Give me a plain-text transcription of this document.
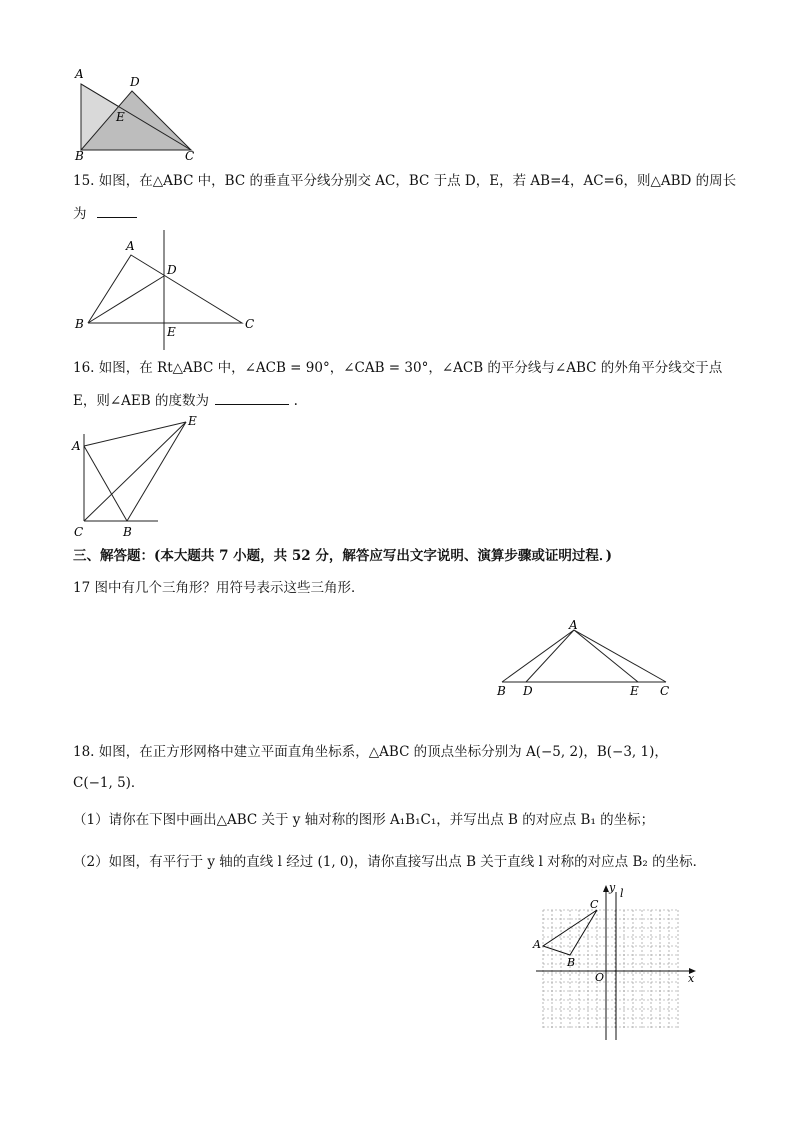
A
D
E
B	C
15. 如图，在△ABC 中，BC 的垂直平分线分别交 AC，BC 于点 D，E，若 AB=4，AC=6，则△ABD 的周长
为
A
D
B
E
C
16. 如图，在 Rt△ABC 中，∠ACB = 90°，∠CAB = 30°，∠ACB 的平分线与∠ABC 的外角平分线交于点
E，则∠AEB 的度数为	.
A
E
C	B
三、解答题：(本大题共 7 小题，共 52 分，解答应写出文字说明、演算步骤或证明过程．)
17 图中有几个三角形？用符号表示这些三角形．
A
B D	E C
18. 如图，在正方形网格中建立平面直角坐标系，△ABC 的顶点坐标分别为 A(−5, 2)，B(−3, 1)，
C(−1, 5)．
（1）请你在下图中画出△ABC 关于 y 轴对称的图形 A₁B₁C₁，并写出点 B 的对应点 B₁ 的坐标；
（2）如图，有平行于 y 轴的直线 l 经过 (1, 0)，请你直接写出点 B 关于直线 l 对称的对应点 B₂ 的坐标．
y l
x
O
A
B
C
